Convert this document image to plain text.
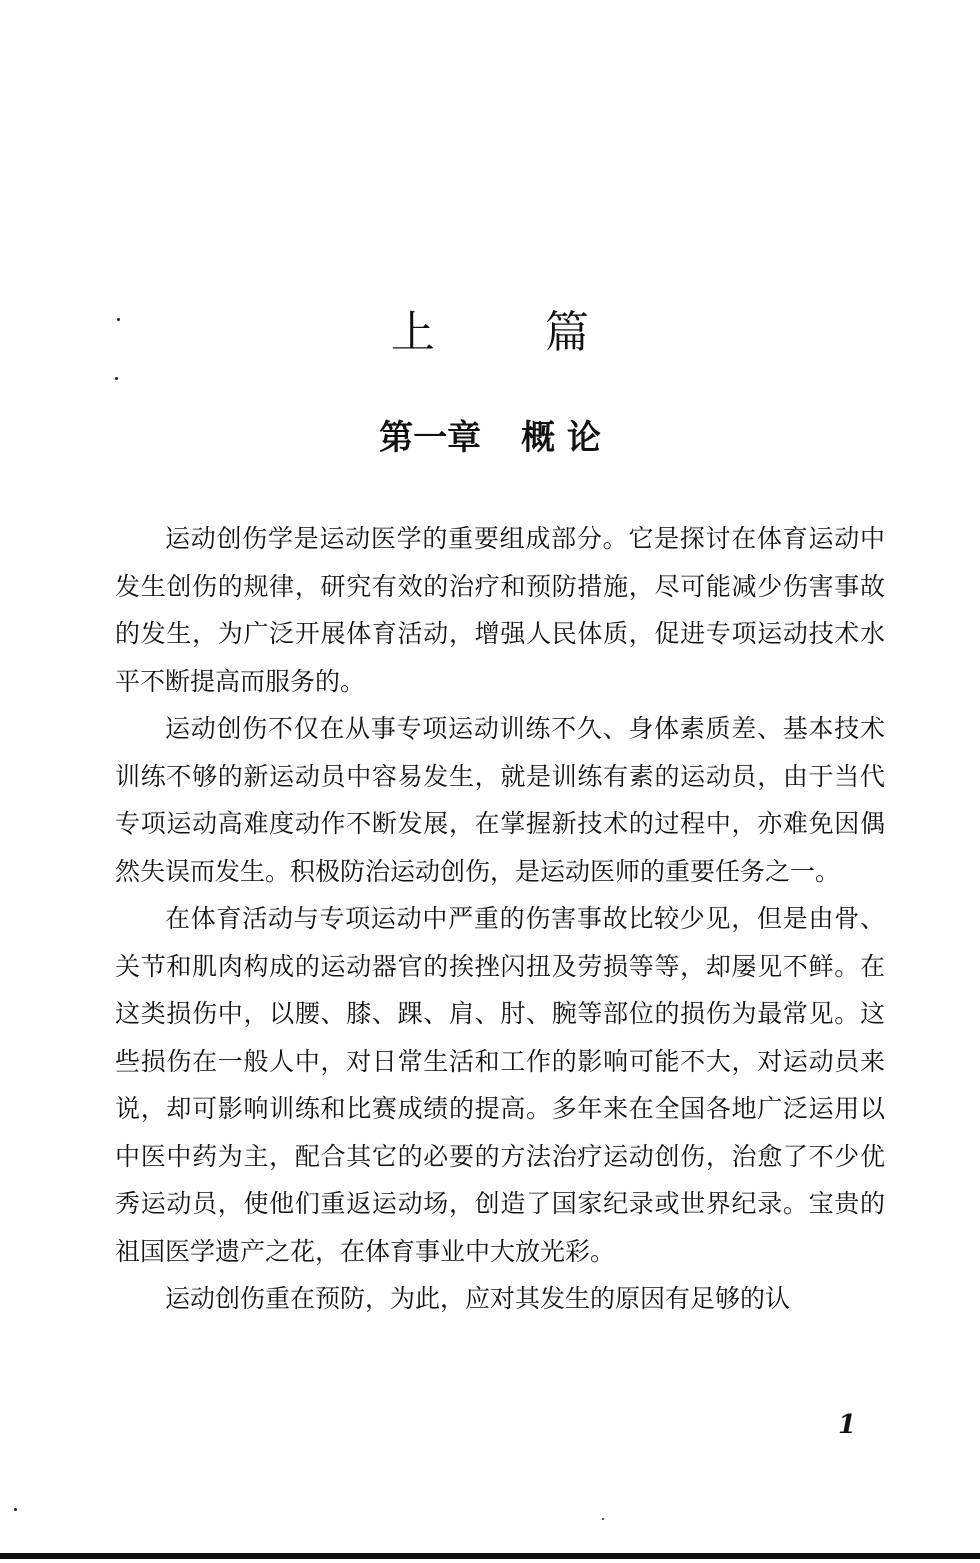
上篇
第一章 概 论

运动创伤学是运动医学的重要组成部分。它是探讨在体育运动中发生创伤的规律，研究有效的治疗和预防措施，尽可能减少伤害事故的发生，为广泛开展体育活动，增强人民体质，促进专项运动技术水平不断提高而服务的。

运动创伤不仅在从事专项运动训练不久、身体素质差、基本技术训练不够的新运动员中容易发生，就是训练有素的运动员，由于当代专项运动高难度动作不断发展，在掌握新技术的过程中，亦难免因偶然失误而发生。积极防治运动创伤，是运动医师的重要任务之一。

在体育活动与专项运动中严重的伤害事故比较少见，但是由骨、关节和肌肉构成的运动器官的挨挫闪扭及劳损等等，却屡见不鲜。在这类损伤中，以腰、膝、踝、肩、肘、腕等部位的损伤为最常见。这些损伤在一般人中，对日常生活和工作的影响可能不大，对运动员来说，却可影响训练和比赛成绩的提高。多年来在全国各地广泛运用以中医中药为主，配合其它的必要的方法治疗运动创伤，治愈了不少优秀运动员，使他们重返运动场，创造了国家纪录或世界纪录。宝贵的祖国医学遗产之花，在体育事业中大放光彩。

运动创伤重在预防，为此，应对其发生的原因有足够的认

1
